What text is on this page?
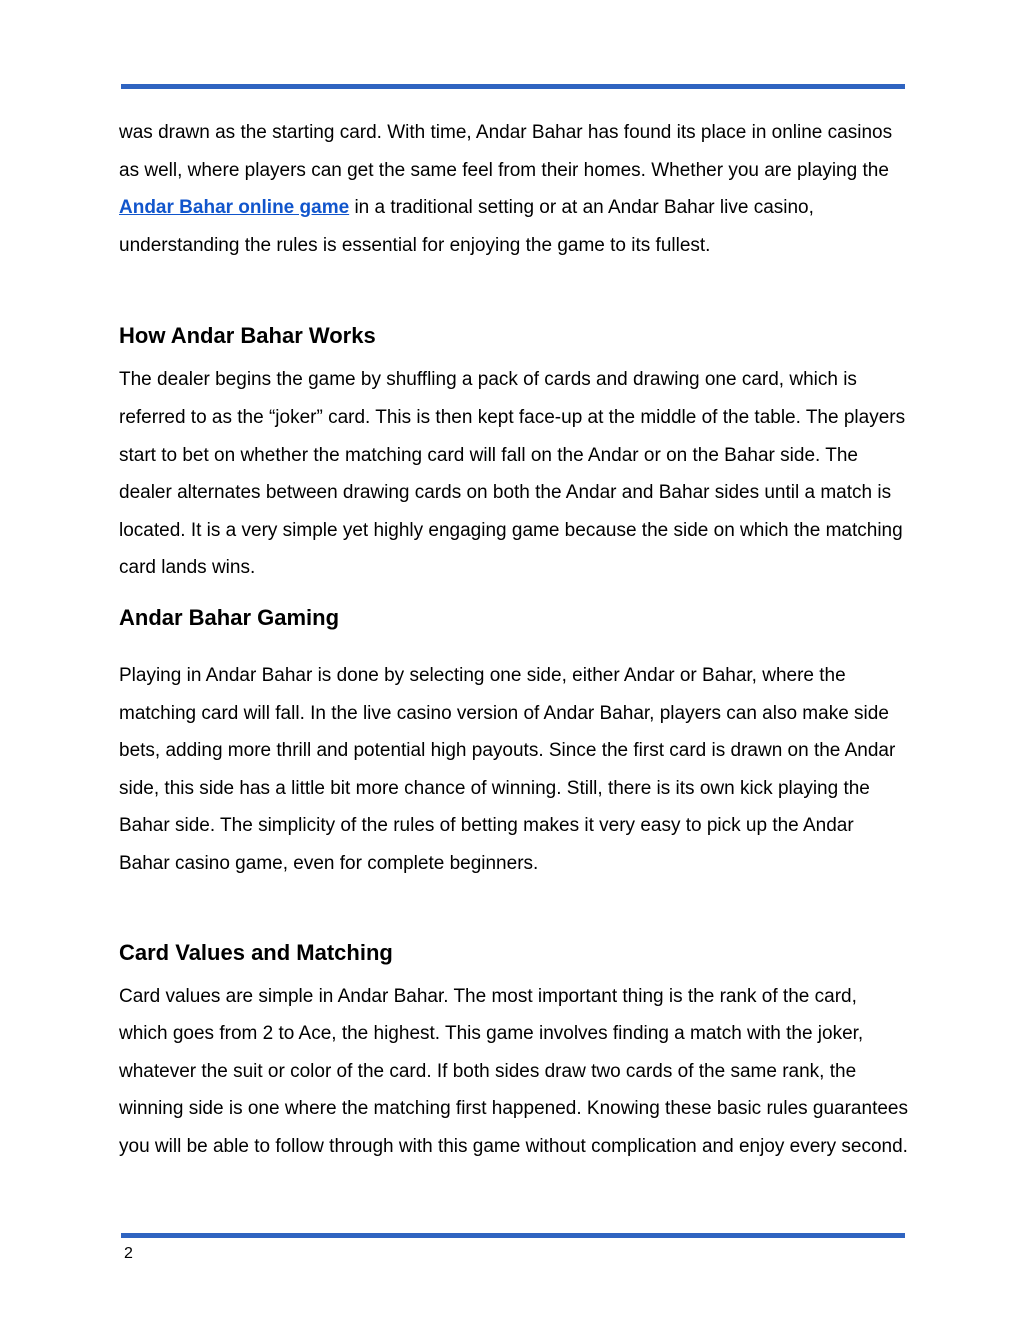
was drawn as the starting card. With time, Andar Bahar has found its place in online casinos as well, where players can get the same feel from their homes. Whether you are playing the Andar Bahar online game in a traditional setting or at an Andar Bahar live casino, understanding the rules is essential for enjoying the game to its fullest.

How Andar Bahar Works

The dealer begins the game by shuffling a pack of cards and drawing one card, which is referred to as the “joker” card. This is then kept face-up at the middle of the table. The players start to bet on whether the matching card will fall on the Andar or on the Bahar side. The dealer alternates between drawing cards on both the Andar and Bahar sides until a match is located. It is a very simple yet highly engaging game because the side on which the matching card lands wins.

Andar Bahar Gaming

Playing in Andar Bahar is done by selecting one side, either Andar or Bahar, where the matching card will fall. In the live casino version of Andar Bahar, players can also make side bets, adding more thrill and potential high payouts. Since the first card is drawn on the Andar side, this side has a little bit more chance of winning. Still, there is its own kick playing the Bahar side. The simplicity of the rules of betting makes it very easy to pick up the Andar Bahar casino game, even for complete beginners.

Card Values and Matching

Card values are simple in Andar Bahar. The most important thing is the rank of the card, which goes from 2 to Ace, the highest. This game involves finding a match with the joker, whatever the suit or color of the card. If both sides draw two cards of the same rank, the winning side is one where the matching first happened. Knowing these basic rules guarantees you will be able to follow through with this game without complication and enjoy every second.

2
